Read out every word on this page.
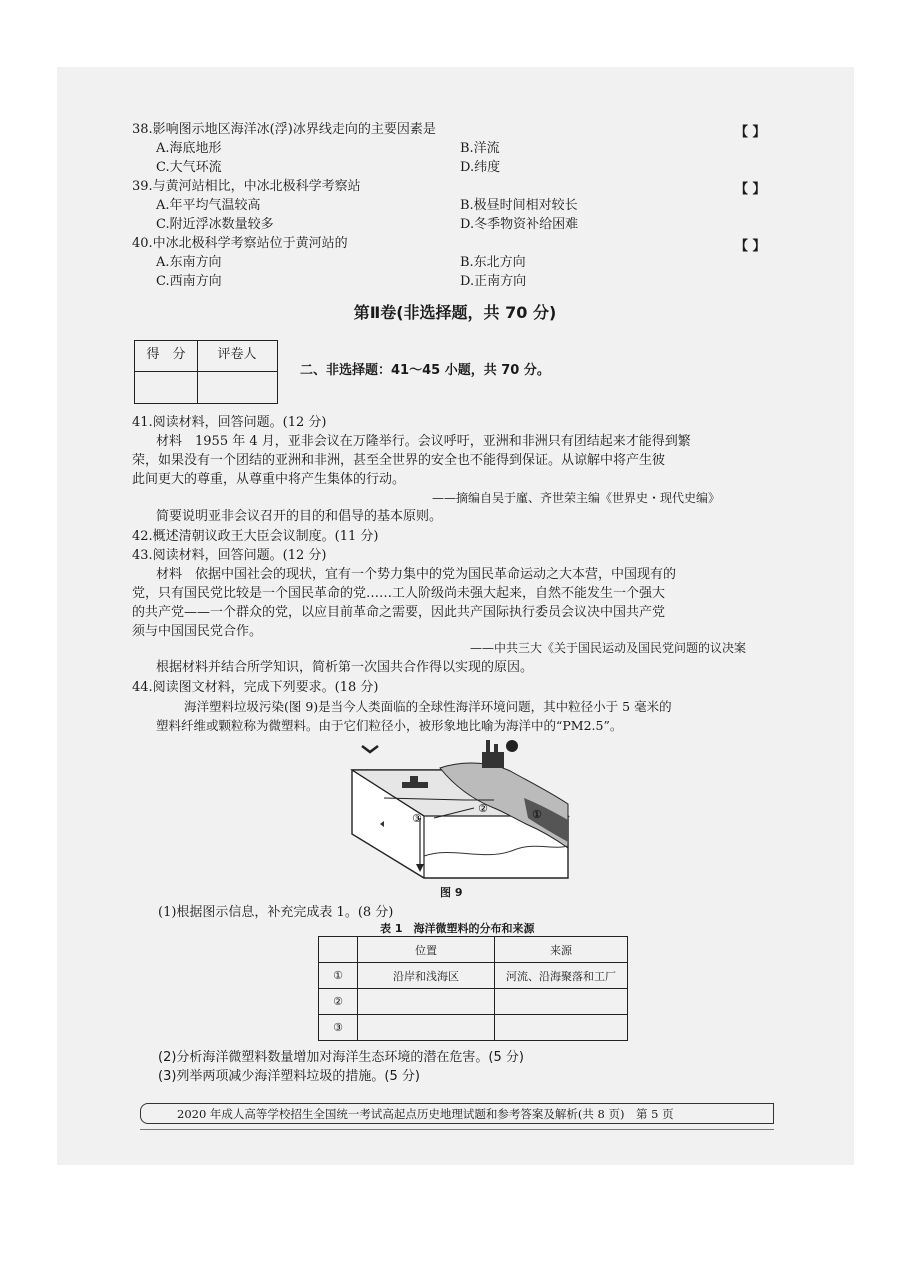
38.影响图示地区海洋冰(浮)冰界线走向的主要因素是	【 】
A.海底地形	B.洋流
C.大气环流	D.纬度
39.与黄河站相比，中冰北极科学考察站	【 】
A.年平均气温较高	B.极昼时间相对较长
C.附近浮冰数量较多	D.冬季物资补给困难
40.中冰北极科学考察站位于黄河站的	【 】
A.东南方向	B.东北方向
C.西南方向	D.正南方向
第Ⅱ卷(非选择题，共 70 分)
得　分	评卷人
二、非选择题：41～45 小题，共 70 分。
41.阅读材料，回答问题。(12 分)
材料　1955 年 4 月，亚非会议在万隆举行。会议呼吁，亚洲和非洲只有团结起来才能得到繁
荣，如果没有一个团结的亚洲和非洲，甚至全世界的安全也不能得到保证。从谅解中将产生彼
此间更大的尊重，从尊重中将产生集体的行动。
——摘编自吴于廑、齐世荣主编《世界史・现代史编》
简要说明亚非会议召开的目的和倡导的基本原则。
42.概述清朝议政王大臣会议制度。(11 分)
43.阅读材料，回答问题。(12 分)
材料　依据中国社会的现状，宜有一个势力集中的党为国民革命运动之大本营，中国现有的
党，只有国民党比较是一个国民革命的党……工人阶级尚未强大起来，自然不能发生一个强大
的共产党——一个群众的党，以应目前革命之需要，因此共产国际执行委员会议决中国共产党
须与中国国民党合作。
——中共三大《关于国民运动及国民党问题的议决案
根据材料并结合所学知识，简析第一次国共合作得以实现的原因。
44.阅读图文材料，完成下列要求。(18 分)
海洋塑料垃圾污染(图 9)是当今人类面临的全球性海洋环境问题，其中粒径小于 5 毫米的
塑料纤维或颗粒称为微塑料。由于它们粒径小，被形象地比喻为海洋中的“PM2.5”。
②
③	①
图 9
(1)根据图示信息，补充完成表 1。(8 分)
表 1　海洋微塑料的分布和来源
	位置	来源
①	沿岸和浅海区	河流、沿海聚落和工厂
②		
③		
(2)分析海洋微塑料数量增加对海洋生态环境的潜在危害。(5 分)
(3)列举两项减少海洋塑料垃圾的措施。(5 分)
2020 年成人高等学校招生全国统一考试高起点历史地理试题和参考答案及解析(共 8 页)　第 5 页
